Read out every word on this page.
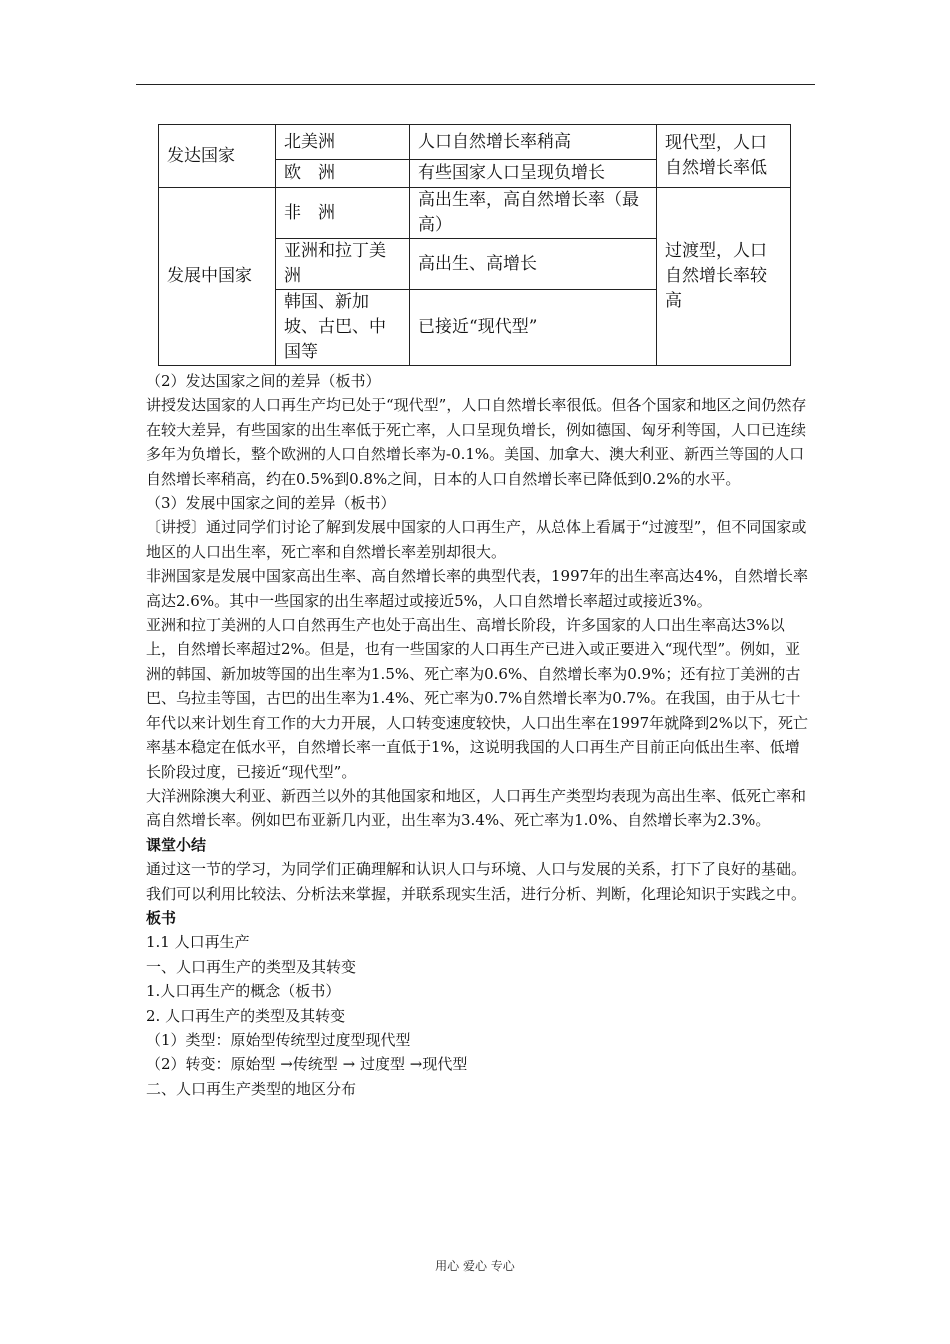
发达国家	北美洲	人口自然增长率稍高	现代型，人口自然增长率低
	欧　洲	有些国家人口呈现负增长	
发展中国家	非　洲	高出生率，高自然增长率（最高）	过渡型，人口自然增长率较高
	亚洲和拉丁美洲	高出生、高增长	
	韩国、新加坡、古巴、中国等	已接近“现代型”	

（2）发达国家之间的差异（板书）

讲授发达国家的人口再生产均已处于“现代型”，人口自然增长率很低。但各个国家和地区之间仍然存在较大差异，有些国家的出生率低于死亡率，人口呈现负增长，例如德国、匈牙利等国，人口已连续多年为负增长，整个欧洲的人口自然增长率为-0.1%。美国、加拿大、澳大利亚、新西兰等国的人口自然增长率稍高，约在0.5%到0.8%之间，日本的人口自然增长率已降低到0.2%的水平。

（3）发展中国家之间的差异（板书）

〔讲授〕通过同学们讨论了解到发展中国家的人口再生产，从总体上看属于“过渡型”，但不同国家或地区的人口出生率，死亡率和自然增长率差别却很大。

非洲国家是发展中国家高出生率、高自然增长率的典型代表，1997年的出生率高达4%，自然增长率高达2.6%。其中一些国家的出生率超过或接近5%，人口自然增长率超过或接近3%。

亚洲和拉丁美洲的人口自然再生产也处于高出生、高增长阶段，许多国家的人口出生率高达3%以上，自然增长率超过2%。但是，也有一些国家的人口再生产已进入或正要进入“现代型”。例如，亚洲的韩国、新加坡等国的出生率为1.5%、死亡率为0.6%、自然增长率为0.9%；还有拉丁美洲的古巴、乌拉圭等国，古巴的出生率为1.4%、死亡率为0.7%自然增长率为0.7%。在我国，由于从七十年代以来计划生育工作的大力开展，人口转变速度较快，人口出生率在1997年就降到2%以下，死亡率基本稳定在低水平，自然增长率一直低于1%，这说明我国的人口再生产目前正向低出生率、低增长阶段过度，已接近“现代型”。

大洋洲除澳大利亚、新西兰以外的其他国家和地区，人口再生产类型均表现为高出生率、低死亡率和高自然增长率。例如巴布亚新几内亚，出生率为3.4%、死亡率为1.0%、自然增长率为2.3%。

课堂小结

通过这一节的学习，为同学们正确理解和认识人口与环境、人口与发展的关系，打下了良好的基础。我们可以利用比较法、分析法来掌握，并联系现实生活，进行分析、判断，化理论知识于实践之中。

板书

1.1 人口再生产

一、人口再生产的类型及其转变

1.人口再生产的概念（板书）

2. 人口再生产的类型及其转变

（1）类型：原始型传统型过度型现代型

（2）转变：原始型 →传统型 → 过度型 →现代型

二、人口再生产类型的地区分布

用心 爱心 专心
